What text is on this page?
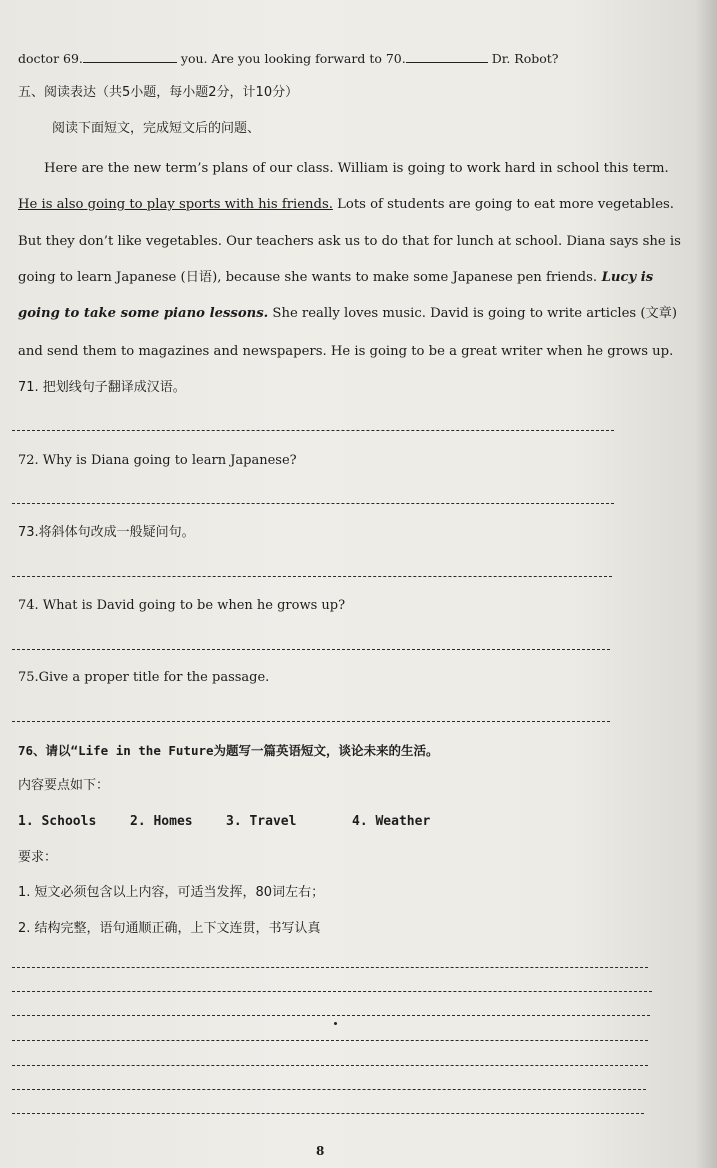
doctor 69.	you. Are you looking forward to 70.	Dr. Robot?
五、阅读表达（共5小题，每小题2分，计10分）
阅读下面短文，完成短文后的问题、
Here are the new term’s plans of our class. William is going to work hard in school this term.
He is also going to play sports with his friends. Lots of students are going to eat more vegetables.
But they don’t like vegetables. Our teachers ask us to do that for lunch at school. Diana says she is
going to learn Japanese (日语), because she wants to make some Japanese pen friends. Lucy is
going to take some piano lessons. She really loves music. David is going to write articles (文章)
and send them to magazines and newspapers. He is going to be a great writer when he grows up.
71. 把划线句子翻译成汉语。
72. Why is Diana going to learn Japanese?
73.将斜体句改成一般疑问句。
74. What is David going to be when he grows up?
75.Give a proper title for the passage.
76、请以“Life in the Future为题写一篇英语短文，谈论未来的生活。
内容要点如下：
1. Schools	2. Homes	3. Travel	4. Weather
要求：
1. 短文必须包含以上内容，可适当发挥，80词左右；
2. 结构完整，语句通顺正确，上下文连贯，书写认真
8
